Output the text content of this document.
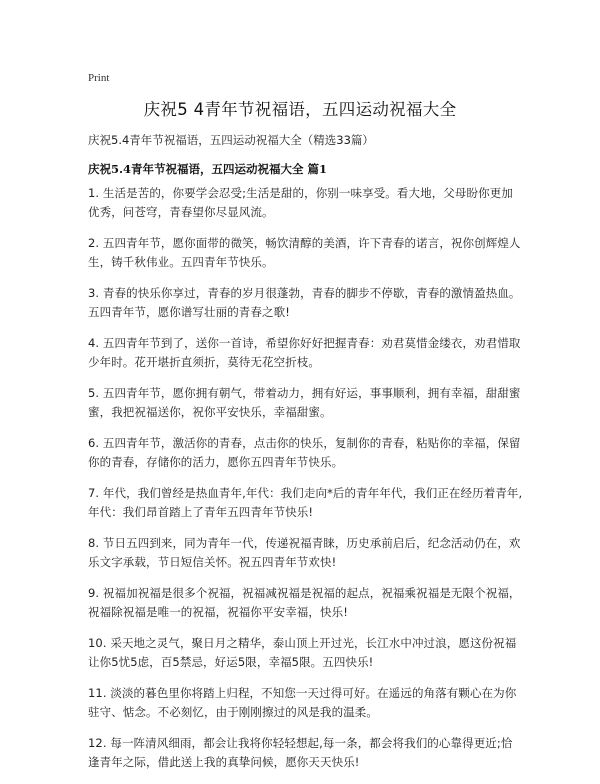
Print
庆祝5 4青年节祝福语，五四运动祝福大全
庆祝5.4青年节祝福语，五四运动祝福大全（精选33篇）
庆祝5.4青年节祝福语，五四运动祝福大全 篇1
1. 生活是苦的，你要学会忍受;生活是甜的，你别一味享受。看大地，父母盼你更加优秀，问苍穹，青春望你尽显风流。
2. 五四青年节，愿你面带的微笑，畅饮清醇的美酒，许下青春的诺言，祝你创辉煌人生，铸千秋伟业。五四青年节快乐。
3. 青春的快乐你享过，青春的岁月很蓬勃，青春的脚步不停歇，青春的激情盈热血。五四青年节，愿你谱写壮丽的青春之歌!
4. 五四青年节到了，送你一首诗，希望你好好把握青春：劝君莫惜金缕衣，劝君惜取少年时。花开堪折直须折，莫待无花空折枝。
5. 五四青年节，愿你拥有朝气，带着动力，拥有好运，事事顺利，拥有幸福，甜甜蜜蜜，我把祝福送你，祝你平安快乐，幸福甜蜜。
6. 五四青年节，激活你的青春，点击你的快乐，复制你的青春，粘贴你的幸福，保留你的青春，存储你的活力，愿你五四青年节快乐。
7. 年代，我们曾经是热血青年,年代：我们走向*后的青年年代，我们正在经历着青年,年代：我们昂首踏上了青年五四青年节快乐!
8. 节日五四到来，同为青年一代，传递祝福青睐，历史承前启后，纪念活动仍在，欢乐文字承载，节日短信关怀。祝五四青年节欢快!
9. 祝福加祝福是很多个祝福，祝福减祝福是祝福的起点，祝福乘祝福是无限个祝福，祝福除祝福是唯一的祝福，祝福你平安幸福，快乐!
10. 采天地之灵气，聚日月之精华，泰山顶上开过光，长江水中冲过浪，愿这份祝福让你5忧5虑，百5禁忌，好运5限，幸福5限。五四快乐!
11. 淡淡的暮色里你将踏上归程，不知您一天过得可好。在遥远的角落有颗心在为你驻守、惦念。不必刻忆，由于刚刚擦过的风是我的温柔。
12. 每一阵清风细雨，都会让我将你轻轻想起,每一条，都会将我们的心靠得更近;恰逢青年之际，借此送上我的真挚问候，愿你天天快乐!
